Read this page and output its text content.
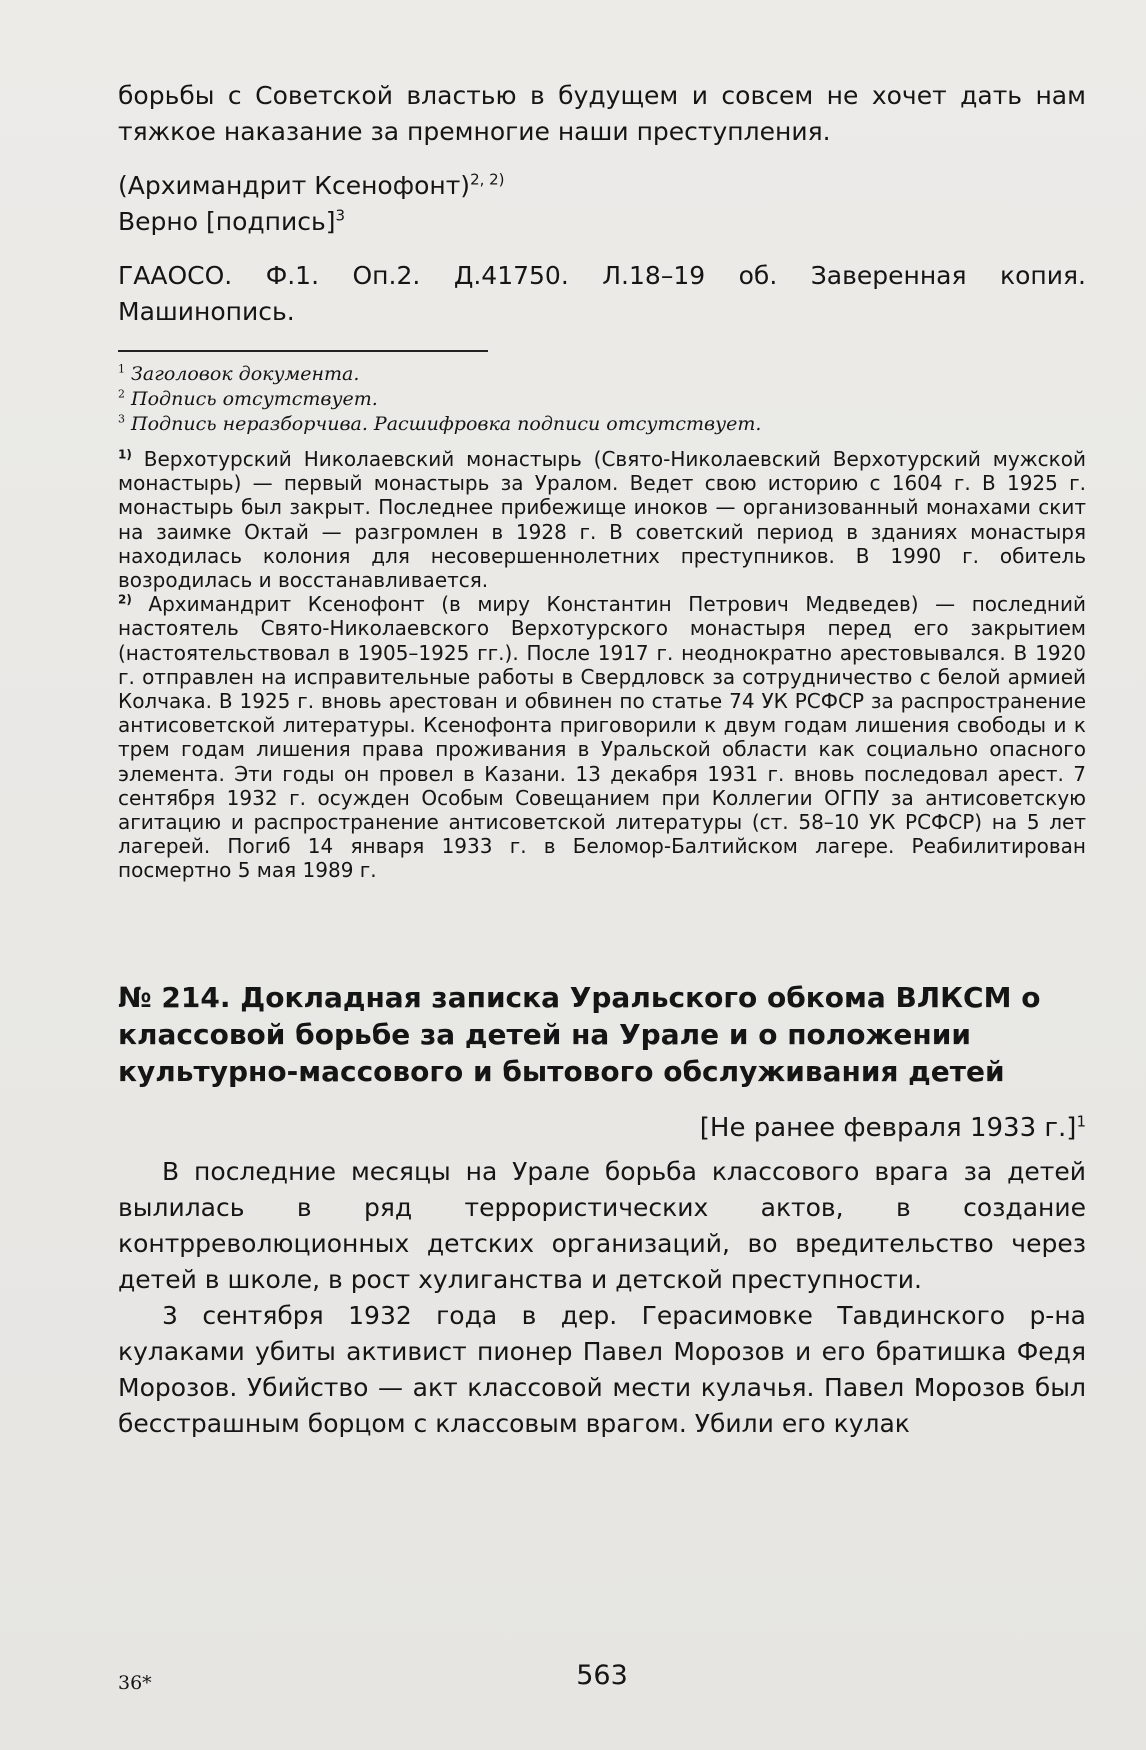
борьбы с Советской властью в будущем и совсем не хочет дать нам тяжкое наказание за премногие наши преступления.

(Архимандрит Ксенофонт)$^{2, 2)}$

Верно [подпись]$^3$

ГААОСО. Ф.1. Оп.2. Д.41750. Л.18–19 об. Заверенная копия. Машинопись.

$^1$ Заголовок документа.

$^2$ Подпись отсутствует.

$^3$ Подпись неразборчива. Расшифровка подписи отсутствует.

$^{1)}$ Верхотурский Николаевский монастырь (Свято-Николаевский Верхотурский мужской монастырь) — первый монастырь за Уралом. Ведет свою историю с 1604 г. В 1925 г. монастырь был закрыт. Последнее прибежище иноков — организованный монахами скит на заимке Октай — разгромлен в 1928 г. В советский период в зданиях монастыря находилась колония для несовершеннолетних преступников. В 1990 г. обитель возродилась и восстанавливается.

$^{2)}$ Архимандрит Ксенофонт (в миру Константин Петрович Медведев) — последний настоятель Свято-Николаевского Верхотурского монастыря перед его закрытием (настоятельствовал в 1905–1925 гг.). После 1917 г. неоднократно арестовывался. В 1920 г. отправлен на исправительные работы в Свердловск за сотрудничество с белой армией Колчака. В 1925 г. вновь арестован и обвинен по статье 74 УК РСФСР за распространение антисоветской литературы. Ксенофонта приговорили к двум годам лишения свободы и к трем годам лишения права проживания в Уральской области как социально опасного элемента. Эти годы он провел в Казани. 13 декабря 1931 г. вновь последовал арест. 7 сентября 1932 г. осужден Особым Совещанием при Коллегии ОГПУ за антисоветскую агитацию и распространение антисоветской литературы (ст. 58–10 УК РСФСР) на 5 лет лагерей. Погиб 14 января 1933 г. в Беломор-Балтийском лагере. Реабилитирован посмертно 5 мая 1989 г.

№ 214. Докладная записка Уральского обкома ВЛКСМ о классовой борьбе за детей на Урале и о положении культурно-массового и бытового обслуживания детей

[Не ранее февраля 1933 г.]$^1$

В последние месяцы на Урале борьба классового врага за детей вылилась в ряд террористических актов, в создание контрреволюционных детских организаций, во вредительство через детей в школе, в рост хулиганства и детской преступности.

3 сентября 1932 года в дер. Герасимовке Тавдинского р-на кулаками убиты активист пионер Павел Морозов и его братишка Федя Морозов. Убийство — акт классовой мести кулачья. Павел Морозов был бесстрашным борцом с классовым врагом. Убили его кулак

36*	563
